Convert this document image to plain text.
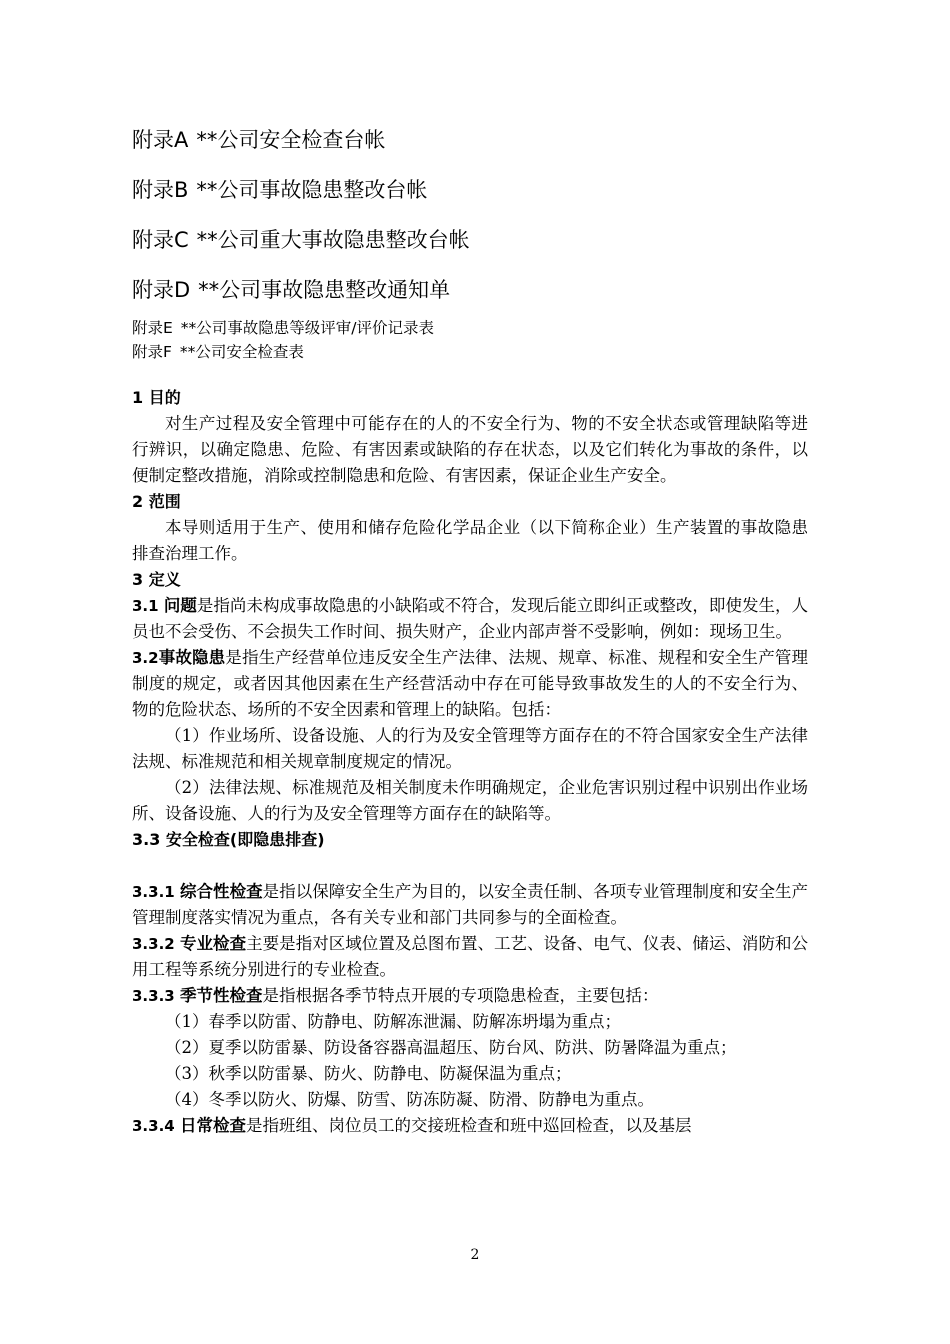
附录A **公司安全检查台帐
附录B **公司事故隐患整改台帐
附录C **公司重大事故隐患整改台帐
附录D **公司事故隐患整改通知单
附录E **公司事故隐患等级评审/评价记录表
附录F **公司安全检查表

1 目的

对生产过程及安全管理中可能存在的人的不安全行为、物的不安全状态或管理缺陷等进行辨识，以确定隐患、危险、有害因素或缺陷的存在状态，以及它们转化为事故的条件，以便制定整改措施，消除或控制隐患和危险、有害因素，保证企业生产安全。

2 范围

本导则适用于生产、使用和储存危险化学品企业（以下简称企业）生产装置的事故隐患排查治理工作。

3 定义

3.1 问题是指尚未构成事故隐患的小缺陷或不符合，发现后能立即纠正或整改，即使发生，人员也不会受伤、不会损失工作时间、损失财产，企业内部声誉不受影响，例如：现场卫生。

3.2事故隐患是指生产经营单位违反安全生产法律、法规、规章、标准、规程和安全生产管理制度的规定，或者因其他因素在生产经营活动中存在可能导致事故发生的人的不安全行为、物的危险状态、场所的不安全因素和管理上的缺陷。包括：

（1）作业场所、设备设施、人的行为及安全管理等方面存在的不符合国家安全生产法律法规、标准规范和相关规章制度规定的情况。

（2）法律法规、标准规范及相关制度未作明确规定，企业危害识别过程中识别出作业场所、设备设施、人的行为及安全管理等方面存在的缺陷等。

3.3 安全检查(即隐患排查)

3.3.1 综合性检查是指以保障安全生产为目的，以安全责任制、各项专业管理制度和安全生产管理制度落实情况为重点，各有关专业和部门共同参与的全面检查。

3.3.2 专业检查主要是指对区域位置及总图布置、工艺、设备、电气、仪表、储运、消防和公用工程等系统分别进行的专业检查。

3.3.3 季节性检查是指根据各季节特点开展的专项隐患检查，主要包括：

（1）春季以防雷、防静电、防解冻泄漏、防解冻坍塌为重点；

（2）夏季以防雷暴、防设备容器高温超压、防台风、防洪、防暑降温为重点；

（3）秋季以防雷暴、防火、防静电、防凝保温为重点；

（4）冬季以防火、防爆、防雪、防冻防凝、防滑、防静电为重点。

3.3.4 日常检查是指班组、岗位员工的交接班检查和班中巡回检查，以及基层

2
